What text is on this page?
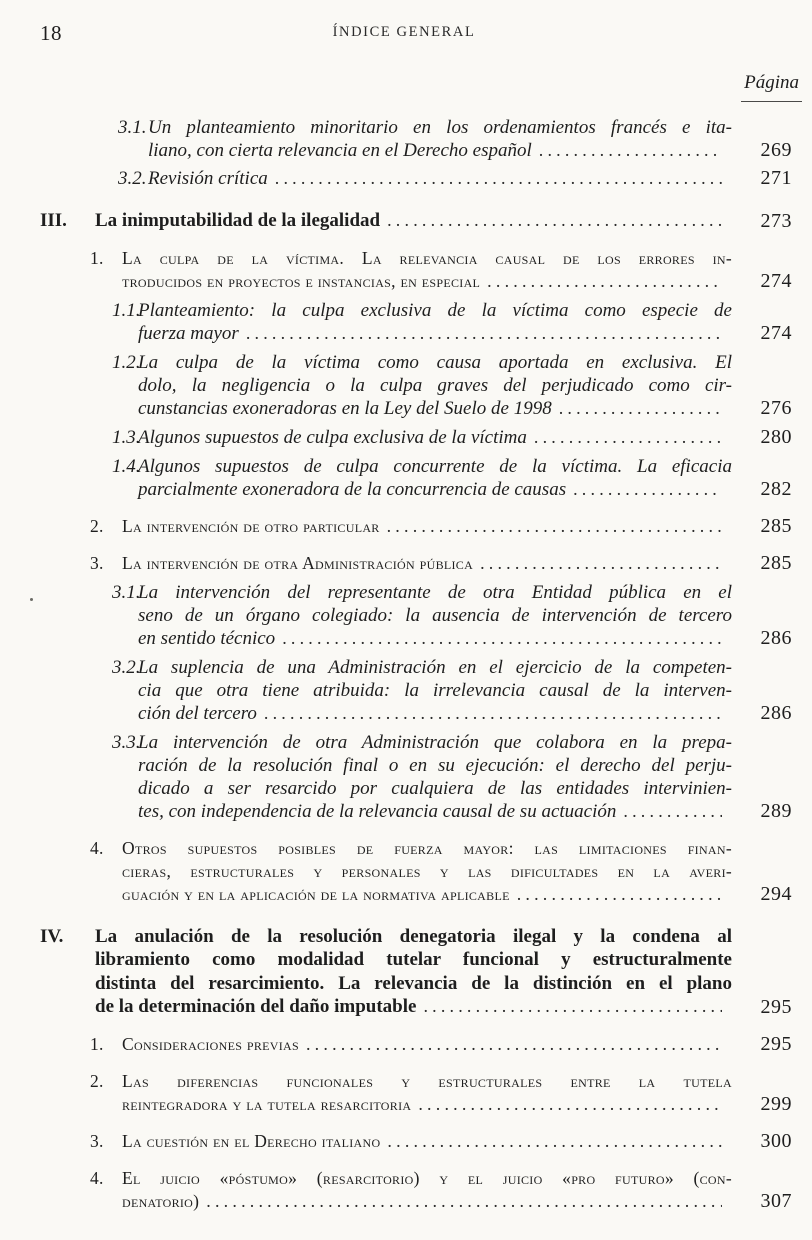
18	ÍNDICE GENERAL
Página
3.1. Un planteamiento minoritario en los ordenamientos francés e ita-
liano, con cierta relevancia en el Derecho español .....	269
3.2. Revisión crítica .....	271
III.	La inimputabilidad de la ilegalidad .....	273
1.	La culpa de la víctima. La relevancia causal de los errores in-
troducidos en proyectos e instancias, en especial .....	274
1.1.
Planteamiento: la culpa exclusiva de la víctima como especie de
fuerza mayor .....	274
1.2.
La culpa de la víctima como causa aportada en exclusiva. El
dolo, la negligencia o la culpa graves del perjudicado como cir-
cunstancias exoneradoras en la Ley del Suelo de 1998 .....	276
1.3.
Algunos supuestos de culpa exclusiva de la víctima .....	280
1.4.
Algunos supuestos de culpa concurrente de la víctima. La eficacia
parcialmente exoneradora de la concurrencia de causas .....	282
2.	La intervención de otro particular .....	285
3.	La intervención de otra Administración pública .....	285
3.1.
La intervención del representante de otra Entidad pública en el
seno de un órgano colegiado: la ausencia de intervención de tercero
en sentido técnico .....	286
3.2.
La suplencia de una Administración en el ejercicio de la competen-
cia que otra tiene atribuida: la irrelevancia causal de la interven-
ción del tercero .....	286
3.3.
La intervención de otra Administración que colabora en la prepa-
ración de la resolución final o en su ejecución: el derecho del perju-
dicado a ser resarcido por cualquiera de las entidades intervinien-
tes, con independencia de la relevancia causal de su actuación .....	289
4.	Otros supuestos posibles de fuerza mayor: las limitaciones finan-
cieras, estructurales y personales y las dificultades en la averi-
guación y en la aplicación de la normativa aplicable .....	294
IV.	La anulación de la resolución denegatoria ilegal y la condena al
libramiento como modalidad tutelar funcional y estructuralmente
distinta del resarcimiento. La relevancia de la distinción en el plano
de la determinación del daño imputable .....	295
1.	Consideraciones previas .....	295
2.	Las diferencias funcionales y estructurales entre la tutela
reintegradora y la tutela resarcitoria .....	299
3.	La cuestión en el Derecho italiano .....	300
4.	El juicio «póstumo» (resarcitorio) y el juicio «pro futuro» (con-
denatorio) .....	307
